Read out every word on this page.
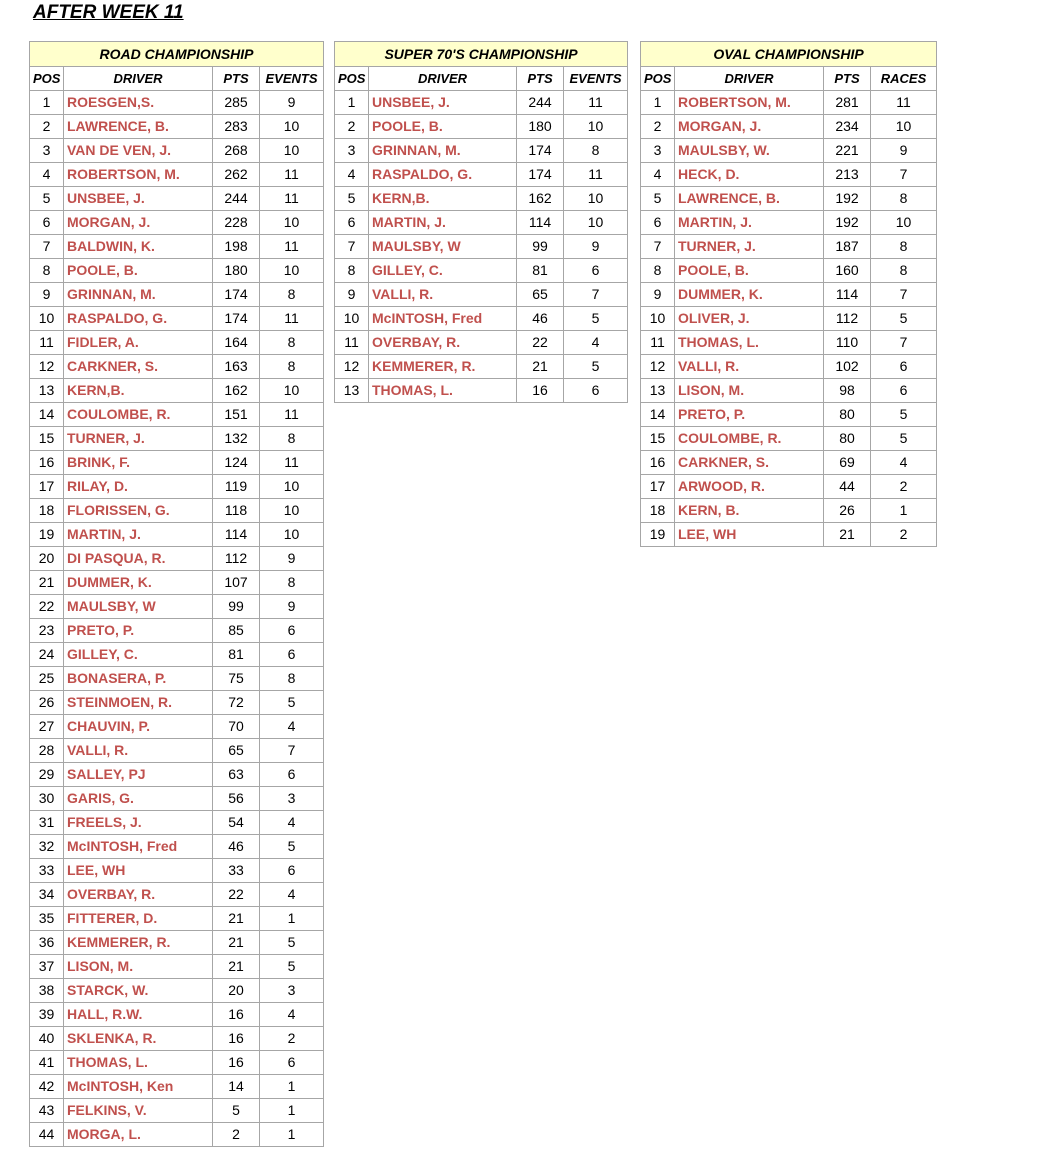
AFTER WEEK 11
ROAD CHAMPIONSHIP			
POS	DRIVER	PTS	EVENTS
1	ROESGEN,S.	285	9
2	LAWRENCE, B.	283	10
3	VAN DE VEN, J.	268	10
4	ROBERTSON, M.	262	11
5	UNSBEE, J.	244	11
6	MORGAN, J.	228	10
7	BALDWIN, K.	198	11
8	POOLE, B.	180	10
9	GRINNAN, M.	174	8
10	RASPALDO, G.	174	11
11	FIDLER, A.	164	8
12	CARKNER, S.	163	8
13	KERN,B.	162	10
14	COULOMBE, R.	151	11
15	TURNER, J.	132	8
16	BRINK, F.	124	11
17	RILAY, D.	119	10
18	FLORISSEN, G.	118	10
19	MARTIN, J.	114	10
20	DI PASQUA, R.	112	9
21	DUMMER, K.	107	8
22	MAULSBY, W	99	9
23	PRETO, P.	85	6
24	GILLEY, C.	81	6
25	BONASERA, P.	75	8
26	STEINMOEN, R.	72	5
27	CHAUVIN, P.	70	4
28	VALLI, R.	65	7
29	SALLEY, PJ	63	6
30	GARIS, G.	56	3
31	FREELS, J.	54	4
32	McINTOSH, Fred	46	5
33	LEE, WH	33	6
34	OVERBAY, R.	22	4
35	FITTERER, D.	21	1
36	KEMMERER, R.	21	5
37	LISON, M.	21	5
38	STARCK, W.	20	3
39	HALL, R.W.	16	4
40	SKLENKA, R.	16	2
41	THOMAS, L.	16	6
42	McINTOSH, Ken	14	1
43	FELKINS, V.	5	1
44	MORGA, L.	2	1
SUPER 70'S CHAMPIONSHIP			
POS	DRIVER	PTS	EVENTS
1	UNSBEE, J.	244	11
2	POOLE, B.	180	10
3	GRINNAN, M.	174	8
4	RASPALDO, G.	174	11
5	KERN,B.	162	10
6	MARTIN, J.	114	10
7	MAULSBY, W	99	9
8	GILLEY, C.	81	6
9	VALLI, R.	65	7
10	McINTOSH, Fred	46	5
11	OVERBAY, R.	22	4
12	KEMMERER, R.	21	5
13	THOMAS, L.	16	6
OVAL CHAMPIONSHIP			
POS	DRIVER	PTS	RACES
1	ROBERTSON, M.	281	11
2	MORGAN, J.	234	10
3	MAULSBY, W.	221	9
4	HECK, D.	213	7
5	LAWRENCE, B.	192	8
6	MARTIN, J.	192	10
7	TURNER, J.	187	8
8	POOLE, B.	160	8
9	DUMMER, K.	114	7
10	OLIVER, J.	112	5
11	THOMAS, L.	110	7
12	VALLI, R.	102	6
13	LISON, M.	98	6
14	PRETO, P.	80	5
15	COULOMBE, R.	80	5
16	CARKNER, S.	69	4
17	ARWOOD, R.	44	2
18	KERN, B.	26	1
19	LEE, WH	21	2
